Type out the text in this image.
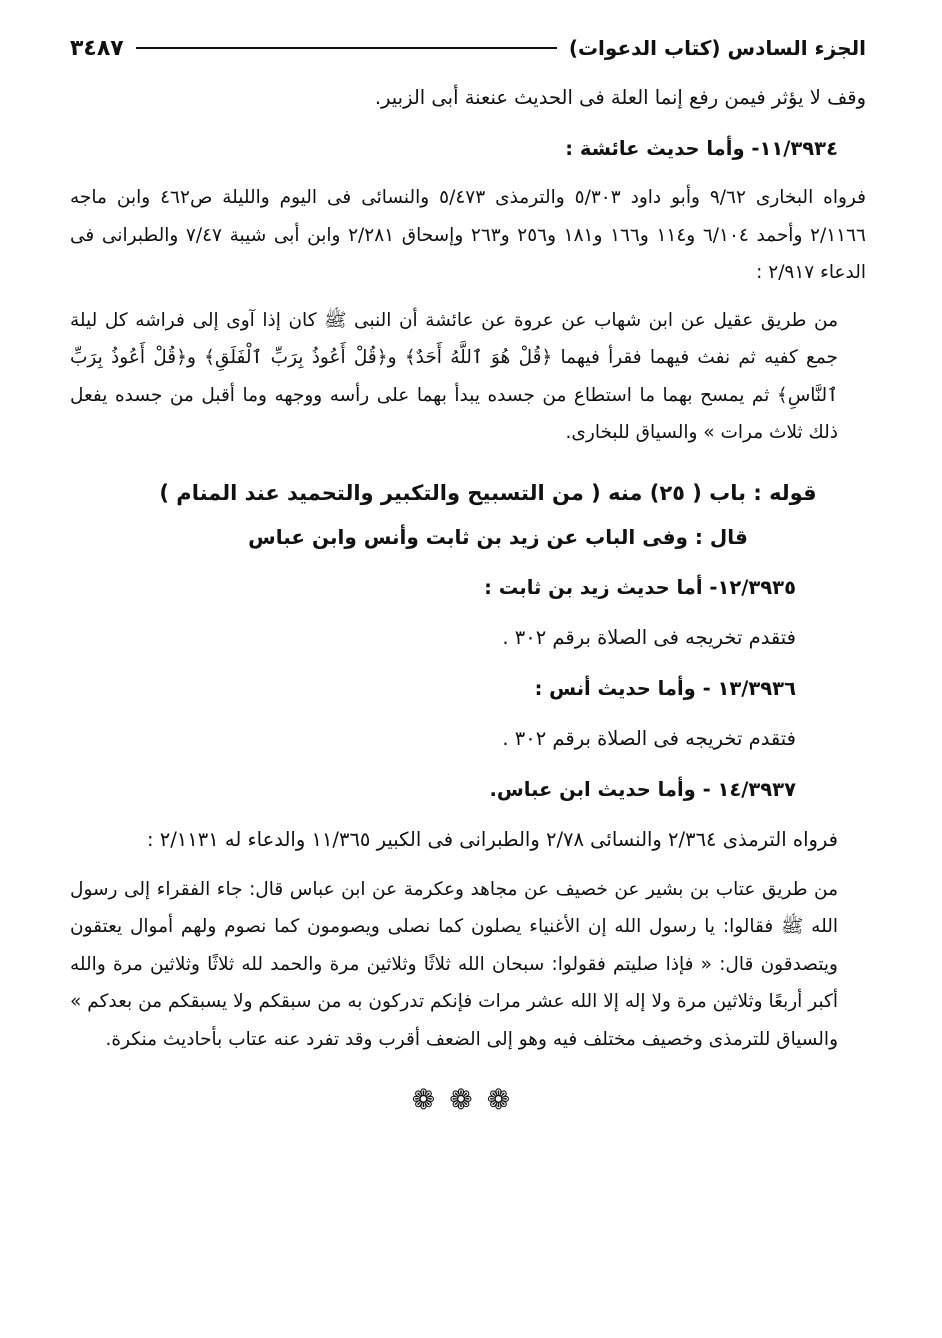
الجزء السادس (كتاب الدعوات)
٣٤٨٧

وقف لا يؤثر فيمن رفع إنما العلة فى الحديث عنعنة أبى الزبير.

١١/٣٩٣٤- وأما حديث عائشة :

فرواه البخارى ٩/٦٢ وأبو داود ٥/٣٠٣ والترمذى ٥/٤٧٣ والنسائى فى اليوم والليلة ص٤٦٢ وابن ماجه ٢/١١٦٦ وأحمد ٦/١٠٤ و١١٤ و١٦٦ و١٨١ و٢٥٦ و٢٦٣ وإسحاق ٢/٢٨١ وابن أبى شيبة ٧/٤٧ والطبرانى فى الدعاء ٢/٩١٧ :

من طريق عقيل عن ابن شهاب عن عروة عن عائشة أن النبى ﷺ كان إذا آوى إلى فراشه كل ليلة جمع كفيه ثم نفث فيهما فقرأ فيهما ﴿قُلْ هُوَ ٱللَّهُ أَحَدٌ﴾ و﴿قُلْ أَعُوذُ بِرَبِّ ٱلْفَلَقِ﴾ و﴿قُلْ أَعُوذُ بِرَبِّ ٱلنَّاسِ﴾ ثم يمسح بهما ما استطاع من جسده يبدأ بهما على رأسه ووجهه وما أقبل من جسده يفعل ذلك ثلاث مرات » والسياق للبخارى.

قوله : باب ( ٢٥) منه ( من التسبيح والتكبير والتحميد عند المنام )

قال : وفى الباب عن زيد بن ثابت وأنس وابن عباس

١٢/٣٩٣٥- أما حديث زيد بن ثابت :

فتقدم تخريجه فى الصلاة برقم ٣٠٢ .

١٣/٣٩٣٦ - وأما حديث أنس :

فتقدم تخريجه فى الصلاة برقم ٣٠٢ .

١٤/٣٩٣٧ - وأما حديث ابن عباس.

فرواه الترمذى ٢/٣٦٤ والنسائى ٢/٧٨ والطبرانى فى الكبير ١١/٣٦٥ والدعاء له ٢/١١٣١ :

من طريق عتاب بن بشير عن خصيف عن مجاهد وعكرمة عن ابن عباس قال: جاء الفقراء إلى رسول الله ﷺ فقالوا: يا رسول الله إن الأغنياء يصلون كما نصلى ويصومون كما نصوم ولهم أموال يعتقون ويتصدقون قال: « فإذا صليتم فقولوا: سبحان الله ثلاثًا وثلاثين مرة والحمد لله ثلاثًا وثلاثين مرة والله أكبر أربعًا وثلاثين مرة ولا إله إلا الله عشر مرات فإنكم تدركون به من سبقكم ولا يسبقكم من بعدكم » والسياق للترمذى وخصيف مختلف فيه وهو إلى الضعف أقرب وقد تفرد عنه عتاب بأحاديث منكرة.

❁❁❁
